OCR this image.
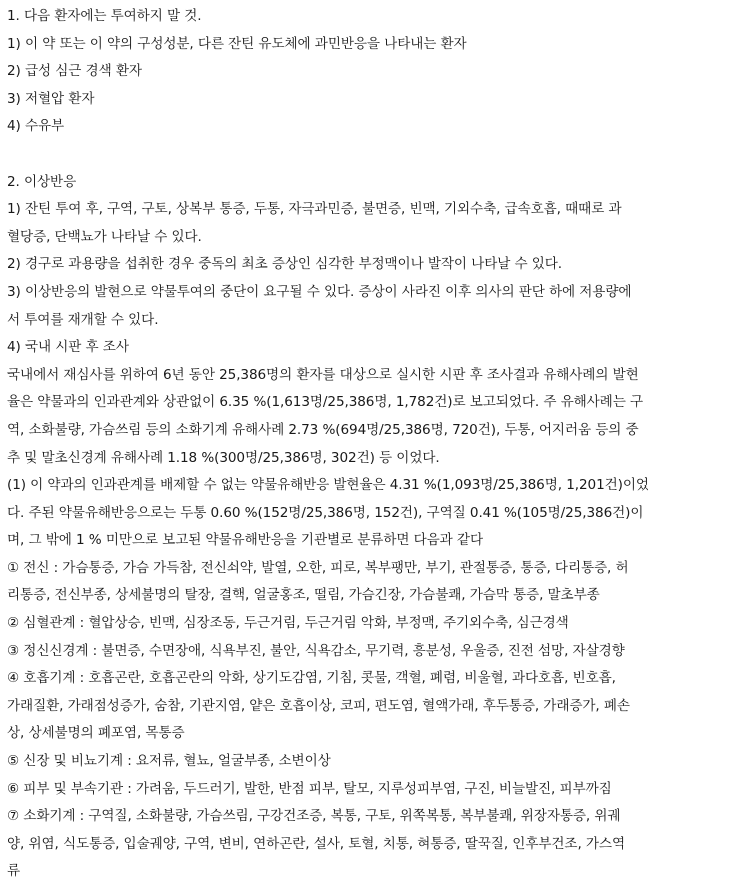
1. 다음 환자에는 투여하지 말 것.
1) 이 약 또는 이 약의 구성성분, 다른 잔틴 유도체에 과민반응을 나타내는 환자
2) 급성 심근 경색 환자
3) 저혈압 환자
4) 수유부
2. 이상반응
1) 잔틴 투여 후, 구역, 구토, 상복부 통증, 두통, 자극과민증, 불면증, 빈맥, 기외수축, 급속호흡, 때때로 과
혈당증, 단백뇨가 나타날 수 있다.
2) 경구로 과용량을 섭취한 경우 중독의 최초 증상인 심각한 부정맥이나 발작이 나타날 수 있다.
3) 이상반응의 발현으로 약물투여의 중단이 요구될 수 있다. 증상이 사라진 이후 의사의 판단 하에 저용량에
서 투여를 재개할 수 있다.
4) 국내 시판 후 조사
국내에서 재심사를 위하여 6년 동안 25,386명의 환자를 대상으로 실시한 시판 후 조사결과 유해사례의 발현
율은 약물과의 인과관계와 상관없이 6.35 %(1,613명/25,386명, 1,782건)로 보고되었다. 주 유해사례는 구
역, 소화불량, 가슴쓰림 등의 소화기계 유해사례 2.73 %(694명/25,386명, 720건), 두통, 어지러움 등의 중
추 및 말초신경계 유해사례 1.18 %(300명/25,386명, 302건) 등 이었다.
(1) 이 약과의 인과관계를 배제할 수 없는 약물유해반응 발현율은 4.31 %(1,093명/25,386명, 1,201건)이었
다. 주된 약물유해반응으로는 두통 0.60 %(152명/25,386명, 152건), 구역질 0.41 %(105명/25,386건)이
며, 그 밖에 1 % 미만으로 보고된 약물유해반응을 기관별로 분류하면 다음과 같다
① 전신 : 가슴통증, 가슴 가득참, 전신쇠약, 발열, 오한, 피로, 복부팽만, 부기, 관절통증, 통증, 다리통증, 허
리통증, 전신부종, 상세불명의 탈장, 결핵, 얼굴홍조, 떨림, 가슴긴장, 가슴불쾌, 가슴막 통증, 말초부종
② 심혈관계 : 혈압상승, 빈맥, 심장조동, 두근거림, 두근거림 악화, 부정맥, 주기외수축, 심근경색
③ 정신신경계 : 불면증, 수면장애, 식욕부진, 불안, 식욕감소, 무기력, 흥분성, 우울증, 진전 섬망, 자살경향
④ 호흡기계 : 호흡곤란, 호흡곤란의 악화, 상기도감염, 기침, 콧물, 객혈, 폐렴, 비울혈, 과다호흡, 빈호흡,
가래질환, 가래점성증가, 숨참, 기관지염, 얕은 호흡이상, 코피, 편도염, 혈액가래, 후두통증, 가래증가, 폐손
상, 상세불명의 폐포염, 목통증
⑤ 신장 및 비뇨기계 : 요저류, 혈뇨, 얼굴부종, 소변이상
⑥ 피부 및 부속기관 : 가려움, 두드러기, 발한, 반점 피부, 탈모, 지루성피부염, 구진, 비늘발진, 피부까짐
⑦ 소화기계 : 구역질, 소화불량, 가슴쓰림, 구강건조증, 복통, 구토, 위쪽복통, 복부불쾌, 위장자통증, 위궤
양, 위염, 식도통증, 입술궤양, 구역, 변비, 연하곤란, 설사, 토혈, 치통, 혀통증, 딸꾹질, 인후부건조, 가스역
류
